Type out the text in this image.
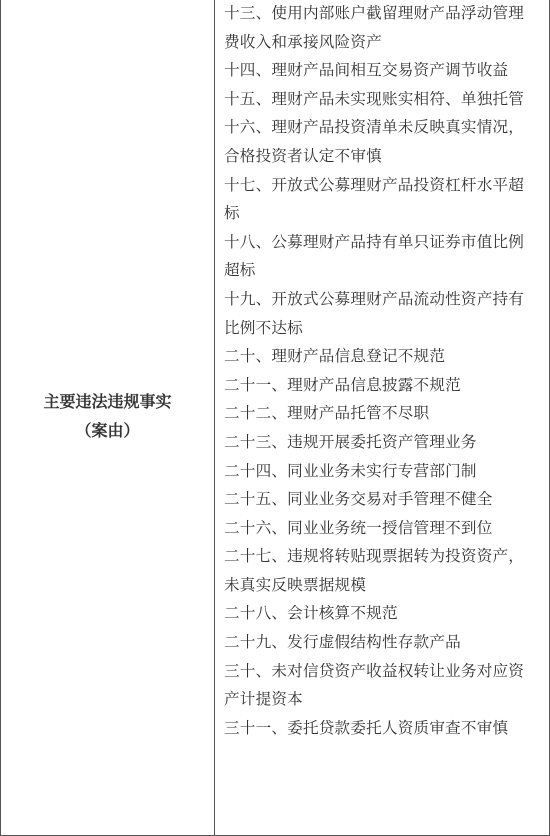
主要违法违规事实
（案由）

十三、使用内部账户截留理财产品浮动管理费收入和承接风险资产

十四、理财产品间相互交易资产调节收益

十五、理财产品未实现账实相符、单独托管

十六、理财产品投资清单未反映真实情况，合格投资者认定不审慎

十七、开放式公募理财产品投资杠杆水平超标

十八、公募理财产品持有单只证券市值比例超标

十九、开放式公募理财产品流动性资产持有比例不达标

二十、理财产品信息登记不规范

二十一、理财产品信息披露不规范

二十二、理财产品托管不尽职

二十三、违规开展委托资产管理业务

二十四、同业业务未实行专营部门制

二十五、同业业务交易对手管理不健全

二十六、同业业务统一授信管理不到位

二十七、违规将转贴现票据转为投资资产，未真实反映票据规模

二十八、会计核算不规范

二十九、发行虚假结构性存款产品

三十、未对信贷资产收益权转让业务对应资产计提资本

三十一、委托贷款委托人资质审查不审慎
